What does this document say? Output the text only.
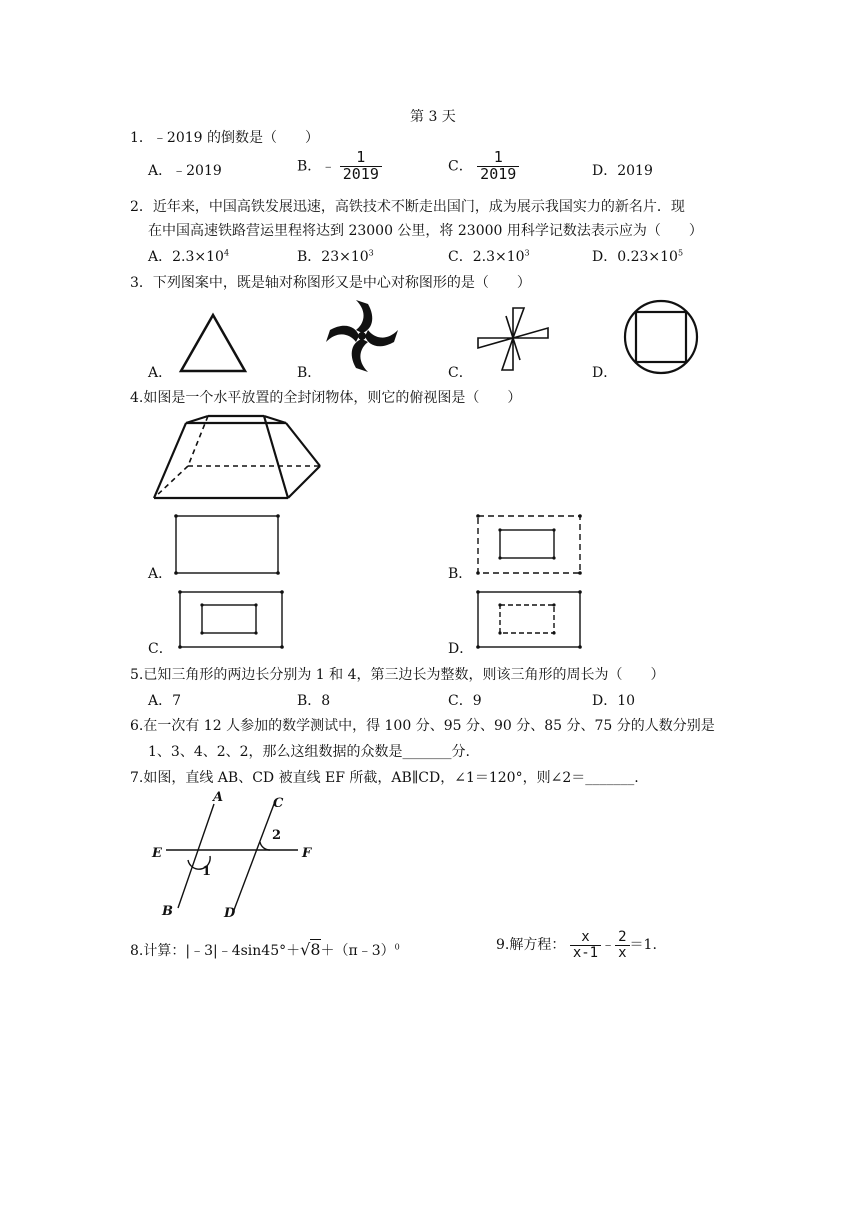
第 3 天
1．﹣2019 的倒数是（　　）
A．﹣2019	B．﹣ $\frac{1}{2019}$	C． $\frac{1}{2019}$	D．2019
2．近年来，中国高铁发展迅速，高铁技术不断走出国门，成为展示我国实力的新名片．现
在中国高速铁路营运里程将达到 23000 公里，将 23000 用科学记数法表示应为（　　）
A．$2.3\times 10^4$	B．$23\times 10^3$	C．$2.3\times 10^3$	D．$0.23\times 10^5$
3．下列图案中，既是轴对称图形又是中心对称图形的是（　　）
A．	B．	C．	D．
4.如图是一个水平放置的全封闭物体，则它的俯视图是（　　）
A．	B．
C．	D．
5.已知三角形的两边长分别为 1 和 4，第三边长为整数，则该三角形的周长为（　　）
A．7	B．8	C．9	D．10
6.在一次有 12 人参加的数学测试中，得 100 分、95 分、90 分、85 分、75 分的人数分别是
1、3、4、2、2，那么这组数据的众数是_______分.
7.如图，直线 AB、CD 被直线 EF 所截，AB∥CD，∠1＝120°，则∠2＝_______.
A	C
E	F
2
1
B	D
8.计算：|﹣3|﹣4sin45°＋√8＋（π﹣3）$^0$	9.解方程： $\frac{x}{x-1}$ ﹣ $\frac{2}{x} =1$.
